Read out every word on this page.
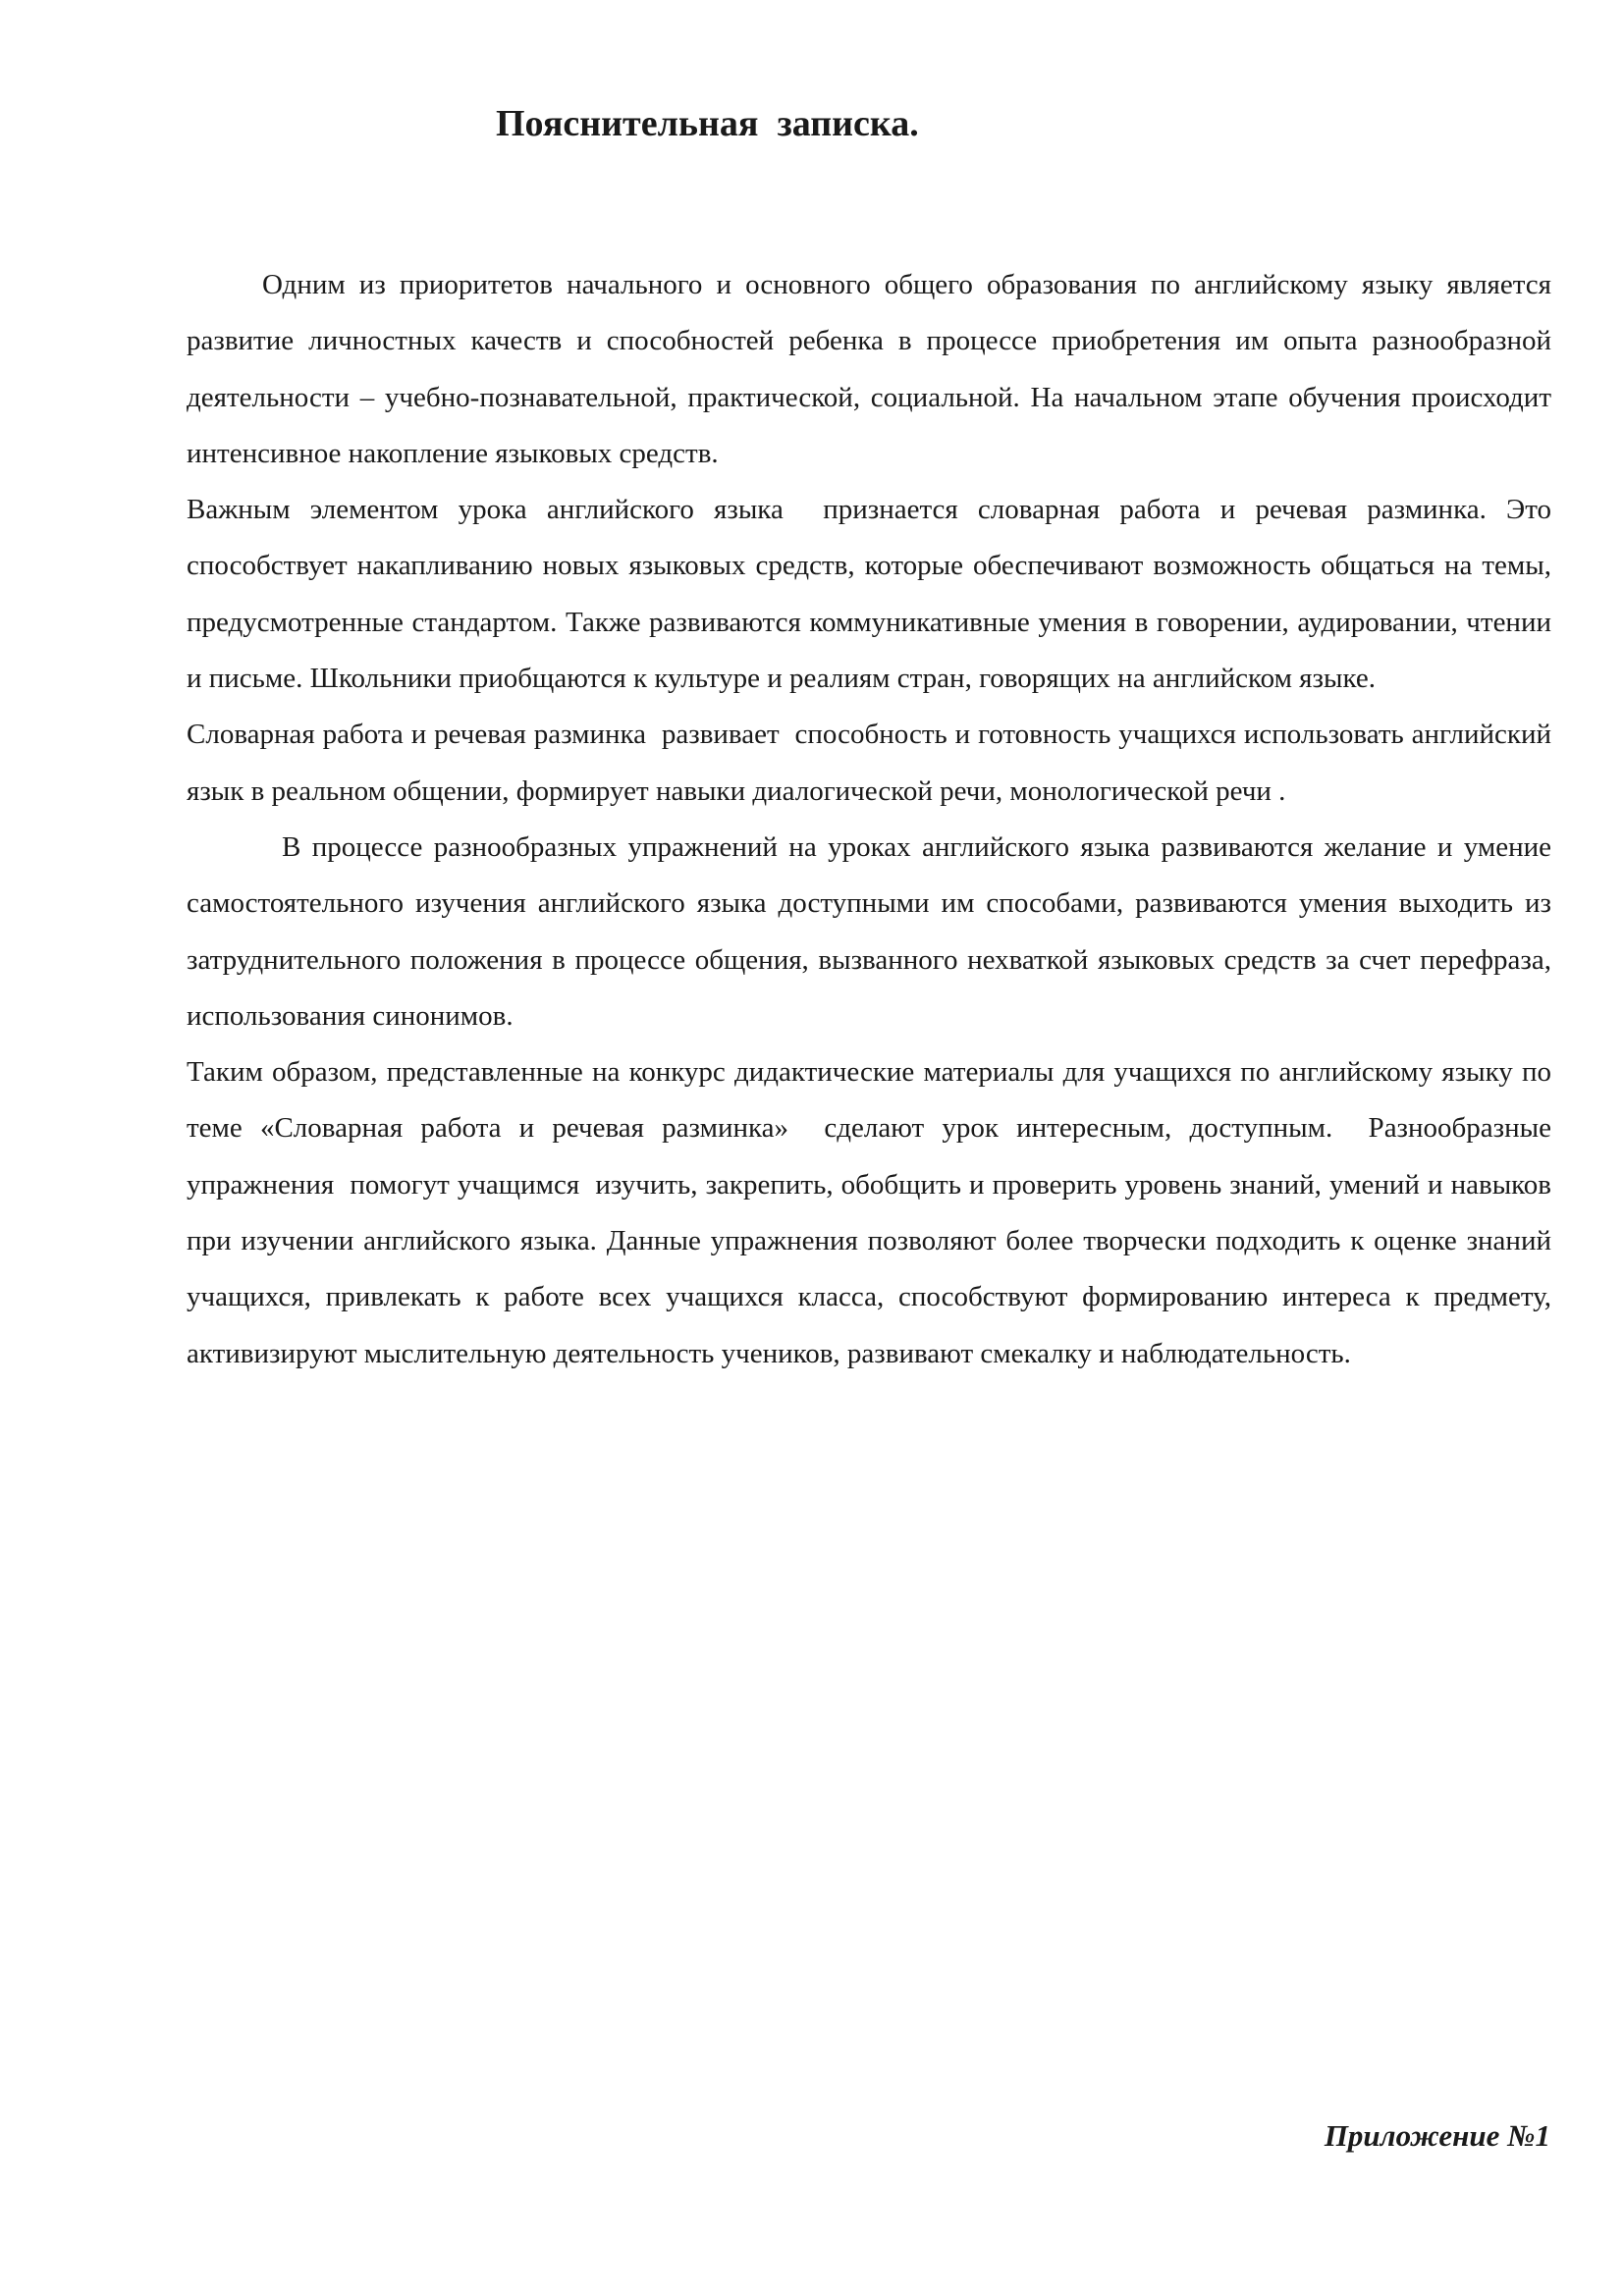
Пояснительная  записка.

Одним из приоритетов начального и основного общего образования по английскому языку является развитие личностных качеств и способностей ребенка в процессе приобретения им опыта разнообразной деятельности – учебно-познавательной, практической, социальной. На начальном этапе обучения происходит интенсивное накопление языковых средств.

Важным элементом урока английского языка  признается словарная работа и речевая разминка. Это способствует накапливанию новых языковых средств, которые обеспечивают возможность общаться на темы, предусмотренные стандартом. Также развиваются коммуникативные умения в говорении, аудировании, чтении и письме. Школьники приобщаются к культуре и реалиям стран, говорящих на английском языке.

Словарная работа и речевая разминка  развивает  способность и готовность учащихся использовать английский язык в реальном общении, формирует навыки диалогической речи, монологической речи .

В процессе разнообразных упражнений на уроках английского языка развиваются желание и умение самостоятельного изучения английского языка доступными им способами, развиваются умения выходить из затруднительного положения в процессе общения, вызванного нехваткой языковых средств за счет перефраза, использования синонимов.

Таким образом, представленные на конкурс дидактические материалы для учащихся по английскому языку по теме «Словарная работа и речевая разминка»  сделают урок интересным, доступным.  Разнообразные упражнения  помогут учащимся  изучить, закрепить, обобщить и проверить уровень знаний, умений и навыков при изучении английского языка. Данные упражнения позволяют более творчески подходить к оценке знаний учащихся, привлекать к работе всех учащихся класса, способствуют формированию интереса к предмету, активизируют мыслительную деятельность учеников, развивают смекалку и наблюдательность.

Приложение №1
